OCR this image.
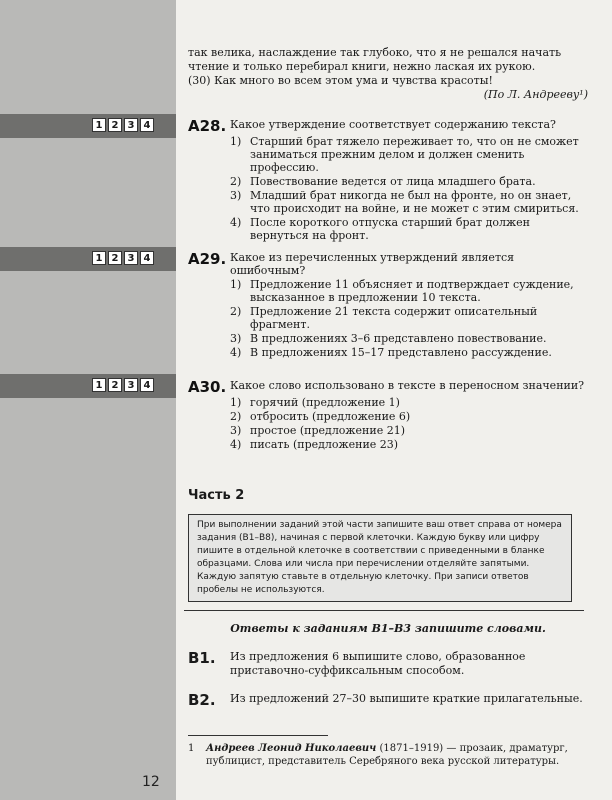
1 2 3 4
1 2 3 4
1 2 3 4
12

так велика, наслаждение так глубоко, что я не решался начать

чтение и только перебирал книги, нежно лаская их рукою.

(30) Как много во всем этом ума и чувства красоты!

(По Л. Андрееву¹)

A28. Какое утверждение соответствует содержанию текста?
1) Старший брат тяжело переживает то, что он не сможет заниматься прежним делом и должен сменить профессию.
2) Повествование ведется от лица младшего брата.
3) Младший брат никогда не был на фронте, но он знает, что происходит на войне, и не может с этим смириться.
4) После короткого отпуска старший брат должен вернуться на фронт.
A29. Какое из перечисленных утверждений является ошибочным?
1) Предложение 11 объясняет и подтверждает суждение, высказанное в предложении 10 текста.
2) Предложение 21 текста содержит описательный фрагмент.
3) В предложениях 3–6 представлено повествование.
4) В предложениях 15–17 представлено рассуждение.
A30. Какое слово использовано в тексте в переносном значении?
1) горячий (предложение 1)
2) отбросить (предложение 6)
3) простое (предложение 21)
4) писать (предложение 23)
Часть 2
При выполнении заданий этой части запишите ваш ответ справа от номера задания (В1–В8), начиная с первой клеточки. Каждую букву или цифру пишите в отдельной клеточке в соответствии с приведенными в бланке образцами. Слова или числа при перечислении отделяйте запятыми. Каждую запятую ставьте в отдельную клеточку. При записи ответов пробелы не используются.
Ответы к заданиям В1–В3 запишите словами.
B1.	Из предложения 6 выпишите слово, образованное приставочно-суффиксальным способом.
B2.	Из предложений 27–30 выпишите краткие прилагательные.
1	Андреев Леонид Николаевич (1871–1919) — прозаик, драматург, публицист, представитель Серебряного века русской литературы.
